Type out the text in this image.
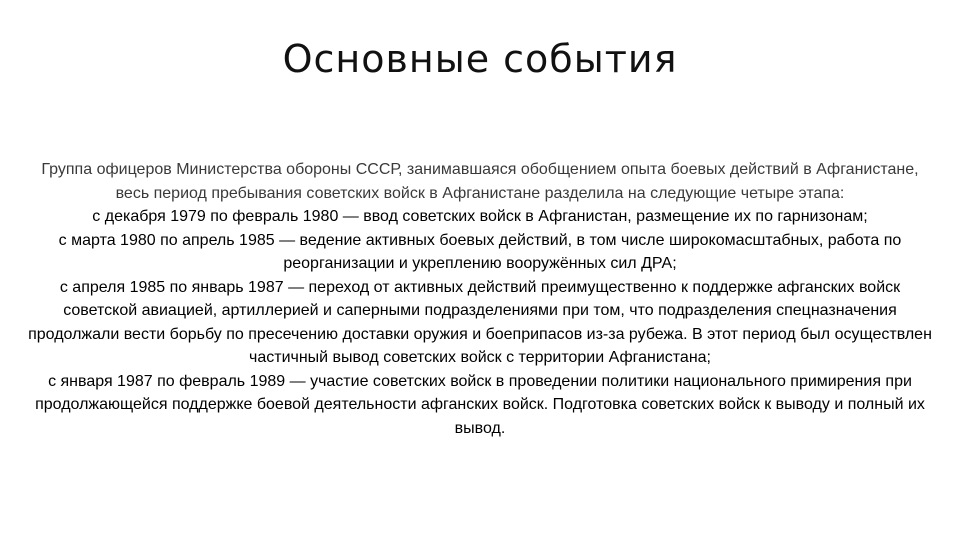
Основные события

Группа офицеров Министерства обороны СССР, занимавшаяся обобщением опыта боевых действий в Афганистане, весь период пребывания советских войск в Афганистане разделила на следующие четыре этапа:

с декабря 1979 по февраль 1980 — ввод советских войск в Афганистан, размещение их по гарнизонам;

с марта 1980 по апрель 1985 — ведение активных боевых действий, в том числе широкомасштабных, работа по реорганизации и укреплению вооружённых сил ДРА;

с апреля 1985 по январь 1987 — переход от активных действий преимущественно к поддержке афганских войск советской авиацией, артиллерией и саперными подразделениями при том, что подразделения спецназначения продолжали вести борьбу по пресечению доставки оружия и боеприпасов из-за рубежа. В этот период был осуществлен частичный вывод советских войск с территории Афганистана;

с января 1987 по февраль 1989 — участие советских войск в проведении политики национального примирения при продолжающейся поддержке боевой деятельности афганских войск. Подготовка советских войск к выводу и полный их вывод.
